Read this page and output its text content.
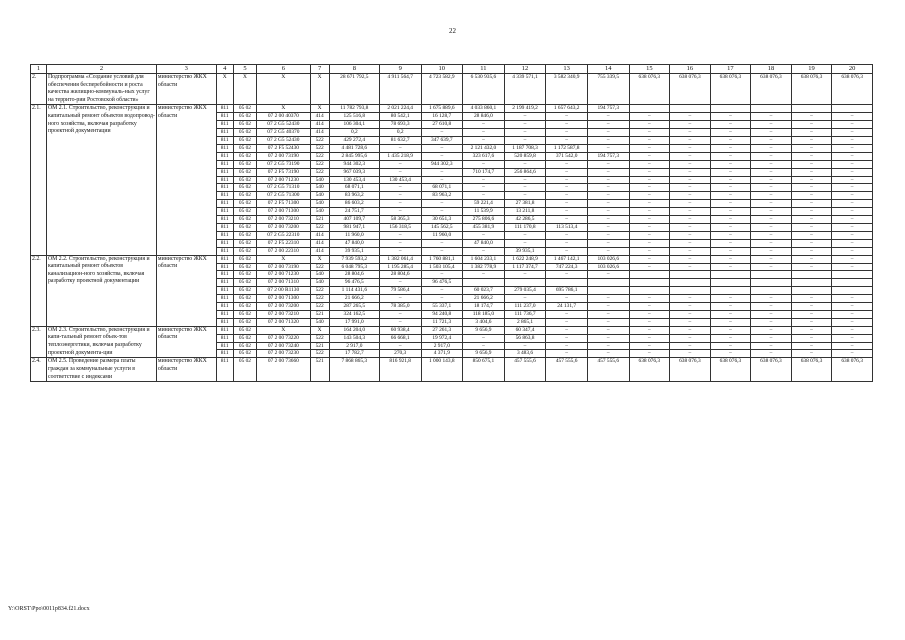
22
1	2	3	4	5	6	7	8	9	10	11	12	13	14	15	16	17	18	19	20
2.	Подпрограмма «Создание условий для обеспечения бесперебойности и роста качества жилищно-коммуналь-ных услуг на террито-рии Ростовской области»	министерство ЖКХ области	Х	Х	Х	Х	28 671 792,5	4 911 564,7	4 723 582,9	6 530 935,6	4 339 571,1	3 582 340,9	755 339,5	638 076,3	638 076,3	638 076,3	638 076,3	638 076,3	638 076,3
2.1.	ОМ 2.1. Строительство, реконструкция и капитальный ремонт объектов водопровод-ного хозяйства, включая разработку проектной документации	министерство ЖКХ области	811	05 02	Х	Х	11 782 793,8	2 021 224,4	1 675 889,6	4 033 860,1	2 199 419,2	1 657 643,2	194 757,3						
			811	05 02	07 2 00 40370	414	125 516,8	80 542,1	16 128,7	28 846,0	–	–	–	–	–	–	–	–	–
			811	05 02	07 2 G5 52430	414	106 304,1	78 693,3	27 610,8	–	–	–	–	–	–	–	–	–	–
			811	05 02	07 2 G5 40370	414	0,2	0,2	–	–	–	–	–	–	–	–	–	–	–
			811	05 02	07 2 G5 52430	522	429 272,4	81 632,7	347 639,7	–	–	–	–	–	–	–	–	–	–
			811	05 02	07 2 F5 52430	522	4 481 728,6	–	–	2 121 432,0	1 187 708,3	1 172 587,8	–	–	–	–	–	–	–
			811	05 02	07 2 00 73190	522	2 845 995,6	1 435 218,9	–	323 617,6	520 859,8	371 542,0	194 757,3	–	–	–	–	–	–
			811	05 02	07 2 G5 73190	522	944 302,3	–	944 302,3	–	–	–	–	–	–	–	–	–	–
			811	05 02	07 2 F5 73190	522	967 039,3	–	–	710 174,7	256 864,6	–	–	–	–	–	–	–	–
			811	05 02	07 2 00 71230	540	130 453,4	130 453,4	–	–	–	–	–	–	–	–	–	–	–
			811	05 02	07 2 G5 71310	540	68 071,1	–	68 071,1	–	–	–	–	–	–	–	–	–	–
			811	05 02	07 2 G5 71300	540	83 963,2	–	83 963,2	–	–	–	–	–	–	–	–	–	–
			811	05 02	07 2 F5 71300	540	86 603,2	–	–	59 221,4	27 381,8	–	–	–	–	–	–	–	–
			811	05 02	07 2 00 71300	540	24 751,7	–	–	11 539,9	13 211,8	–	–	–	–	–	–	–	–
			811	05 02	07 2 00 73210	521	407 109,7	58 365,3	30 651,3	275 806,6	42 286,5	–	–	–	–	–	–	–	–
			811	05 02	07 2 00 73200	522	981 947,1	156 318,5	145 562,5	455 381,9	111 170,8	113 513,4	–	–	–	–	–	–	–
			811	05 02	07 2 G5 22310	414	11 960,0	–	11 960,0	–	–	–	–	–	–	–	–	–	–
			811	05 02	07 2 F5 22310	414	47 840,0	–	–	47 840,0	–	–	–	–	–	–	–	–	–
			811	05 02	07 2 00 22310	414	39 935,1	–	–	–	39 935,1	–	–	–	–	–	–	–	–
2.2.	ОМ 2.2. Строительство, реконструкция и капитальный ремонт объектов канализацион-ного хозяйства, включая разработку проектной документации	министерство ЖКХ области	811	05 02	Х	Х	7 939 593,2	1 382 061,4	1 760 881,1	1 604 233,1	1 622 248,9	1 467 142,1	103 026,6	–	–	–	–	–	–
			811	05 02	07 2 00 73190	522	6 048 795,3	1 195 285,4	1 503 105,4	1 382 778,9	1 117 374,7	747 224,3	103 026,6	–	–	–	–	–	–
			811	05 02	07 2 00 71230	540	28 804,6	28 804,6	–	–	–	–	–						
			811	05 02	07 2 00 71310	540	96 476,5	–	96 476,5										
			811	05 02	07 2 00 R1130	522	1 114 431,6	79 586,4	–	60 023,7	279 035,4	695 786,1							
			811	05 02	07 2 00 71300	522	21 666,2	–	–	21 666,2	–	–	–	–	–	–	–	–	–
			811	05 02	07 2 00 73200	522	287 265,5	78 385,0	55 337,1	18 174,7	111 237,0	24 131,7	–	–	–	–	–	–	–
			811	05 02	07 2 00 73210	521	324 162,5	–	94 240,8	118 185,0	111 736,7	–	–	–	–	–	–	–	–
			811	05 02	07 2 00 71320	540	17 991,0	–	11 721,3	3 404,6	2 865,1	–	–	–	–	–	–	–	–
2.3.	ОМ 2.3. Строительство, реконструкция и капи-тальный ремонт объек-тов теплоэнергетики, включая разработку проектной документа-ции	министерство ЖКХ области	811	05 02	Х	Х	164 204,0	60 938,4	27 261,3	9 656,9	60 347,4	–	–	–	–	–	–	–	–
			811	05 02	07 2 00 73220	522	143 504,3	66 668,1	19 972,4	–	56 863,8	–	–	–	–	–	–	–	–
			811	05 02	07 2 00 73240	521	2 917,0	–	2 917,0	–	–	–	–	–	–	–	–	–	–
			811	05 02	07 2 00 73230	522	17 782,7	270,3	4 371,9	9 656,9	3 483,6	–	–	–	–	–	–	–	–
2.4.	ОМ 2.5. Проведение размера платы граждан за коммунальные услуги в соответствие с индексами	министерство ЖКХ области	811	05 02	07 2 00 73660	521	7 868 865,3	816 921,8	1 000 143,8	850 675,1	457 555,6	457 555,6	457 555,6	638 076,3	638 076,3	638 076,3	638 076,3	638 076,3	638 076,3
Y:\ORST\Ppo\0011p834.f21.docx
